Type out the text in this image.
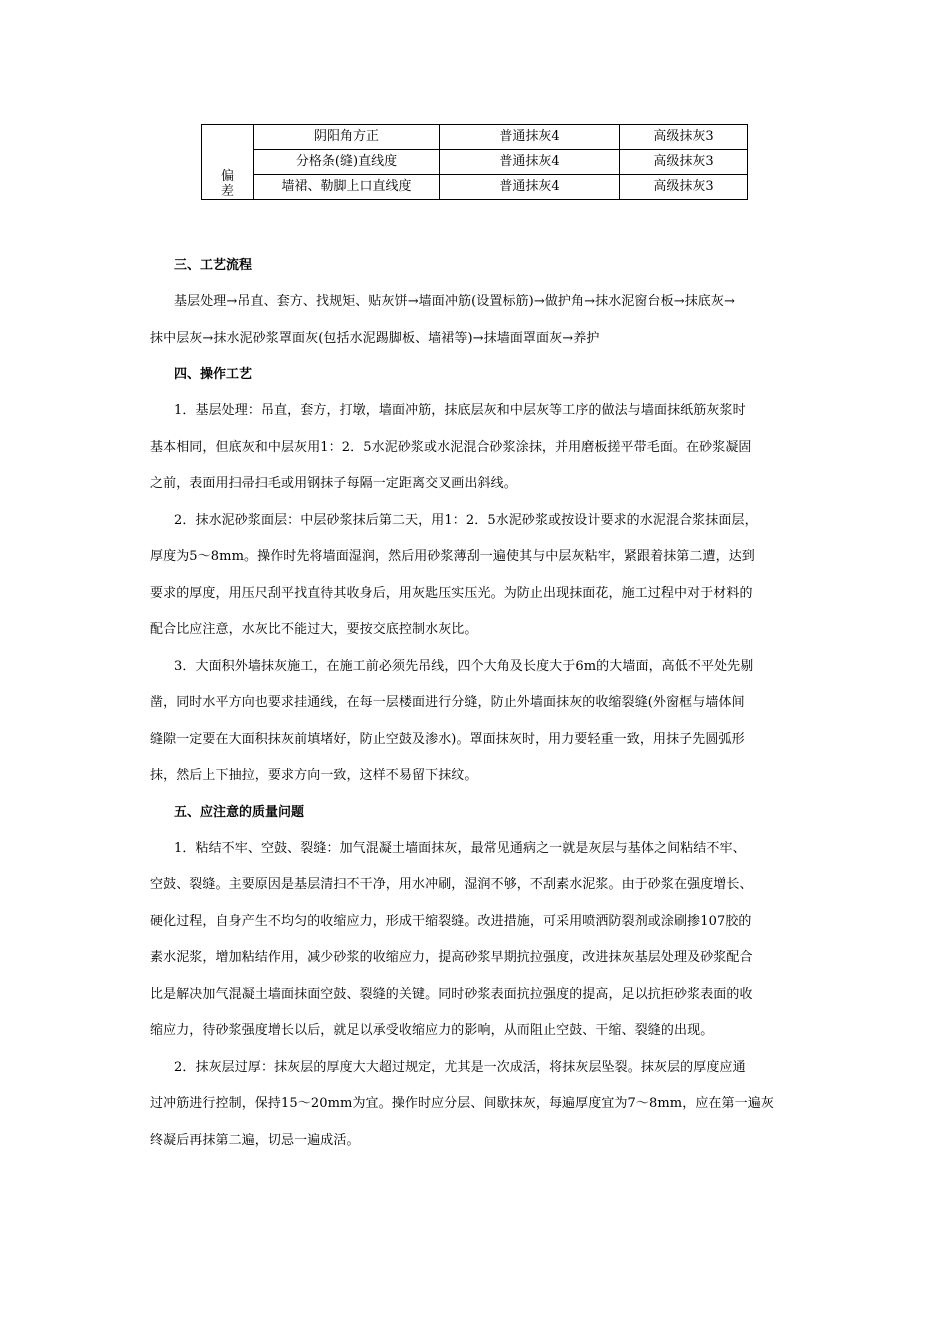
偏差	阴阳角方正	普通抹灰4	高级抹灰3
	分格条(缝)直线度	普通抹灰4	高级抹灰3
	墙裙、勒脚上口直线度	普通抹灰4	高级抹灰3
三、工艺流程

基层处理→吊直、套方、找规矩、贴灰饼→墙面冲筋(设置标筋)→做护角→抹水泥窗台板→抹底灰→
抹中层灰→抹水泥砂浆罩面灰(包括水泥踢脚板、墙裙等)→抹墙面罩面灰→养护

四、操作工艺

1．基层处理：吊直，套方，打墩，墙面冲筋，抹底层灰和中层灰等工序的做法与墙面抹纸筋灰浆时
基本相同，但底灰和中层灰用1：2．5水泥砂浆或水泥混合砂浆涂抹，并用磨板搓平带毛面。在砂浆凝固
之前，表面用扫帚扫毛或用钢抹子每隔一定距离交叉画出斜线。

2．抹水泥砂浆面层：中层砂浆抹后第二天，用1：2．5水泥砂浆或按设计要求的水泥混合浆抹面层，
厚度为5～8mm。操作时先将墙面湿润，然后用砂浆薄刮一遍使其与中层灰粘牢，紧跟着抹第二遭，达到
要求的厚度，用压尺刮平找直待其收身后，用灰匙压实压光。为防止出现抹面花，施工过程中对于材料的
配合比应注意，水灰比不能过大，要按交底控制水灰比。

3．大面积外墙抹灰施工，在施工前必须先吊线，四个大角及长度大于6m的大墙面，高低不平处先剔
凿，同时水平方向也要求挂通线，在每一层楼面进行分缝，防止外墙面抹灰的收缩裂缝(外窗框与墙体间
缝隙一定要在大面积抹灰前填堵好，防止空鼓及渗水)。罩面抹灰时，用力要轻重一致，用抹子先圆弧形
抹，然后上下抽拉，要求方向一致，这样不易留下抹纹。

五、应注意的质量问题

1．粘结不牢、空鼓、裂缝：加气混凝土墙面抹灰，最常见通病之一就是灰层与基体之间粘结不牢、
空鼓、裂缝。主要原因是基层清扫不干净，用水冲刷，湿润不够，不刮素水泥浆。由于砂浆在强度增长、
硬化过程，自身产生不均匀的收缩应力，形成干缩裂缝。改进措施，可采用喷洒防裂剂或涂刷掺107胶的
素水泥浆，增加粘结作用，减少砂浆的收缩应力，提高砂浆早期抗拉强度，改进抹灰基层处理及砂浆配合
比是解决加气混凝土墙面抹面空鼓、裂缝的关键。同时砂浆表面抗拉强度的提高，足以抗拒砂浆表面的收
缩应力，待砂浆强度增长以后，就足以承受收缩应力的影响，从而阻止空鼓、干缩、裂缝的出现。

2．抹灰层过厚：抹灰层的厚度大大超过规定，尤其是一次成活，将抹灰层坠裂。抹灰层的厚度应通
过冲筋进行控制，保持15～20mm为宜。操作时应分层、间歇抹灰，每遍厚度宜为7～8mm，应在第一遍灰
终凝后再抹第二遍，切忌一遍成活。
